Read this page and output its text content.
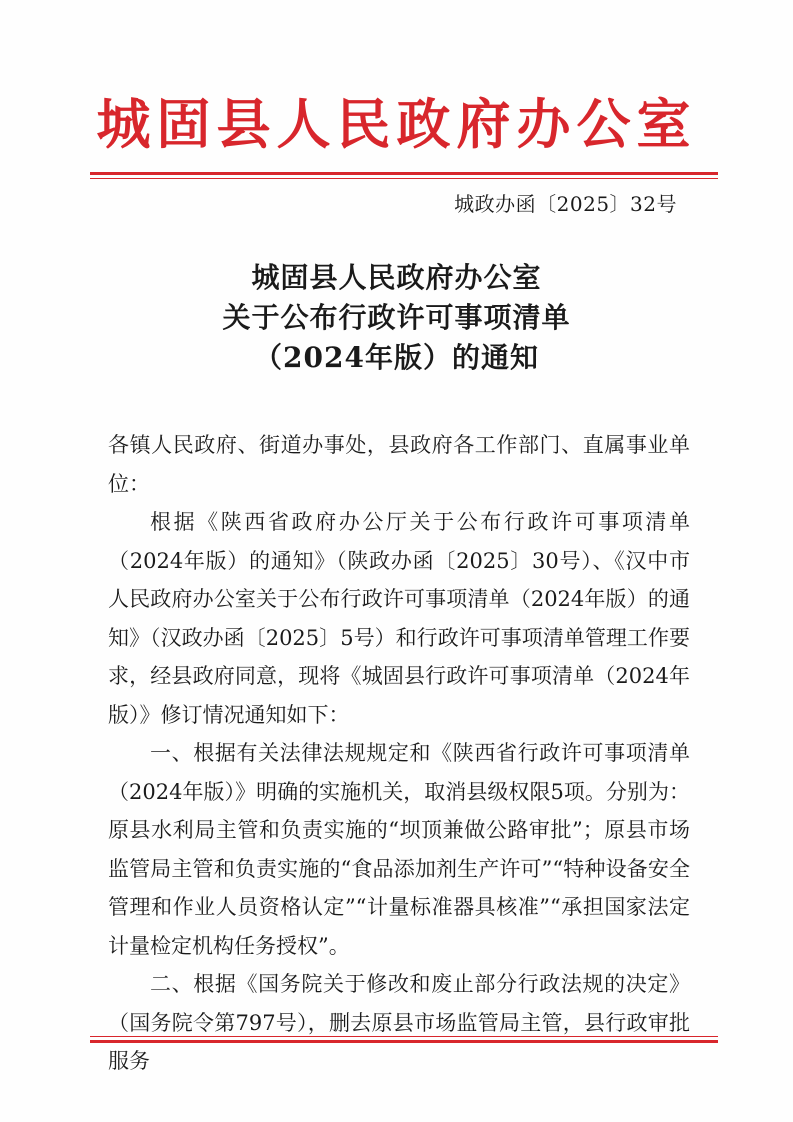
城固县人民政府办公室
城政办函〔2025〕32号
城固县人民政府办公室
关于公布行政许可事项清单
（2024年版）的通知

各镇人民政府、街道办事处，县政府各工作部门、直属事业单位：

根据《陕西省政府办公厅关于公布行政许可事项清单（2024年版）的通知》（陕政办函〔2025〕30号）、《汉中市人民政府办公室关于公布行政许可事项清单（2024年版）的通知》（汉政办函〔2025〕5号）和行政许可事项清单管理工作要求，经县政府同意，现将《城固县行政许可事项清单（2024年版）》修订情况通知如下：

一、根据有关法律法规规定和《陕西省行政许可事项清单（2024年版）》明确的实施机关，取消县级权限5项。分别为：原县水利局主管和负责实施的“坝顶兼做公路审批”；原县市场监管局主管和负责实施的“食品添加剂生产许可”“特种设备安全管理和作业人员资格认定”“计量标准器具核准”“承担国家法定计量检定机构任务授权”。

二、根据《国务院关于修改和废止部分行政法规的决定》（国务院令第797号），删去原县市场监管局主管，县行政审批服务
